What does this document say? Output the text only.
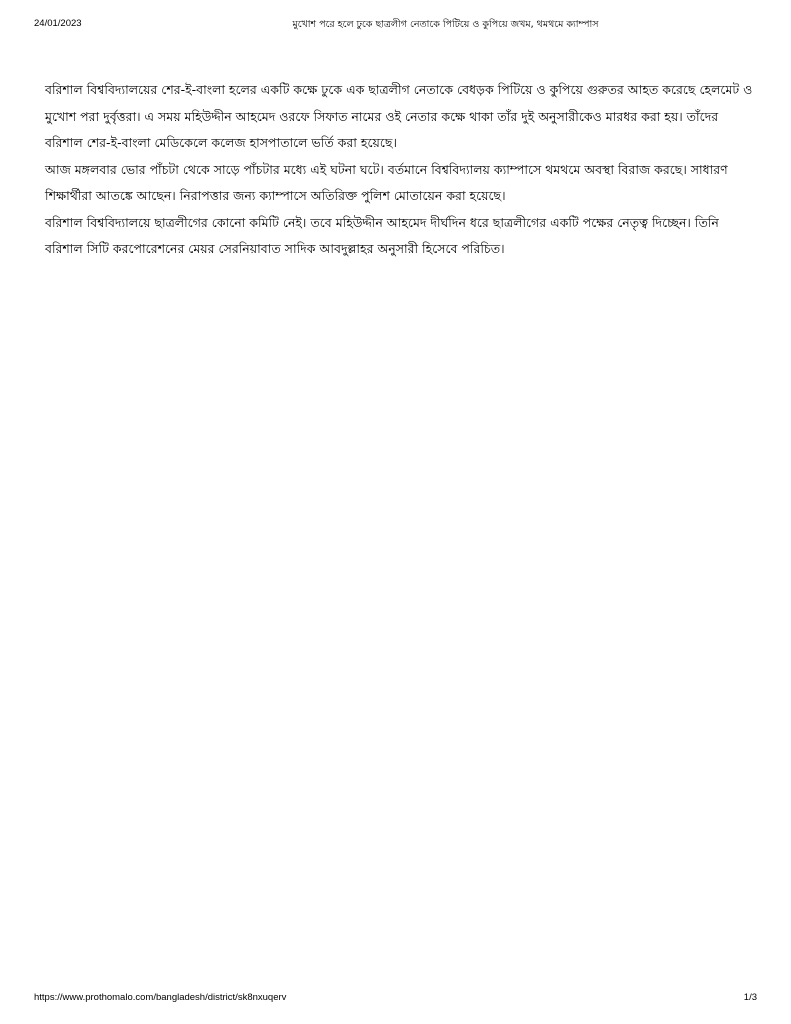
24/01/2023	মুখোশ পরে হলে ঢুকে ছাত্রলীগ নেতাকে পিটিয়ে ও কুপিয়ে জখম, থমথমে ক্যাম্পাস

বরিশাল বিশ্ববিদ্যালয়ের শের-ই-বাংলা হলের একটি কক্ষে ঢুকে এক ছাত্রলীগ নেতাকে বেধড়ক পিটিয়ে ও কুপিয়ে গুরুতর আহত করেছে হেলমেট ও মুখোশ পরা দুর্বৃত্তরা। এ সময় মহিউদ্দীন আহমেদ ওরফে সিফাত নামের ওই নেতার কক্ষে থাকা তাঁর দুই অনুসারীকেও মারধর করা হয়। তাঁদের বরিশাল শের-ই-বাংলা মেডিকেলে কলেজ হাসপাতালে ভর্তি করা হয়েছে।

আজ মঙ্গলবার ভোর পাঁচটা থেকে সাড়ে পাঁচটার মধ্যে এই ঘটনা ঘটে। বর্তমানে বিশ্ববিদ্যালয় ক্যাম্পাসে থমথমে অবস্থা বিরাজ করছে। সাধারণ শিক্ষার্থীরা আতঙ্কে আছেন। নিরাপত্তার জন্য ক্যাম্পাসে অতিরিক্ত পুলিশ মোতায়েন করা হয়েছে।

বরিশাল বিশ্ববিদ্যালয়ে ছাত্রলীগের কোনো কমিটি নেই। তবে মহিউদ্দীন আহমেদ দীর্ঘদিন ধরে ছাত্রলীগের একটি পক্ষের নেতৃত্ব দিচ্ছেন। তিনি বরিশাল সিটি করপোরেশনের মেয়র সেরনিয়াবাত সাদিক আবদুল্লাহর অনুসারী হিসেবে পরিচিত।

https://www.prothomalo.com/bangladesh/district/sk8nxuqerv	1/3
